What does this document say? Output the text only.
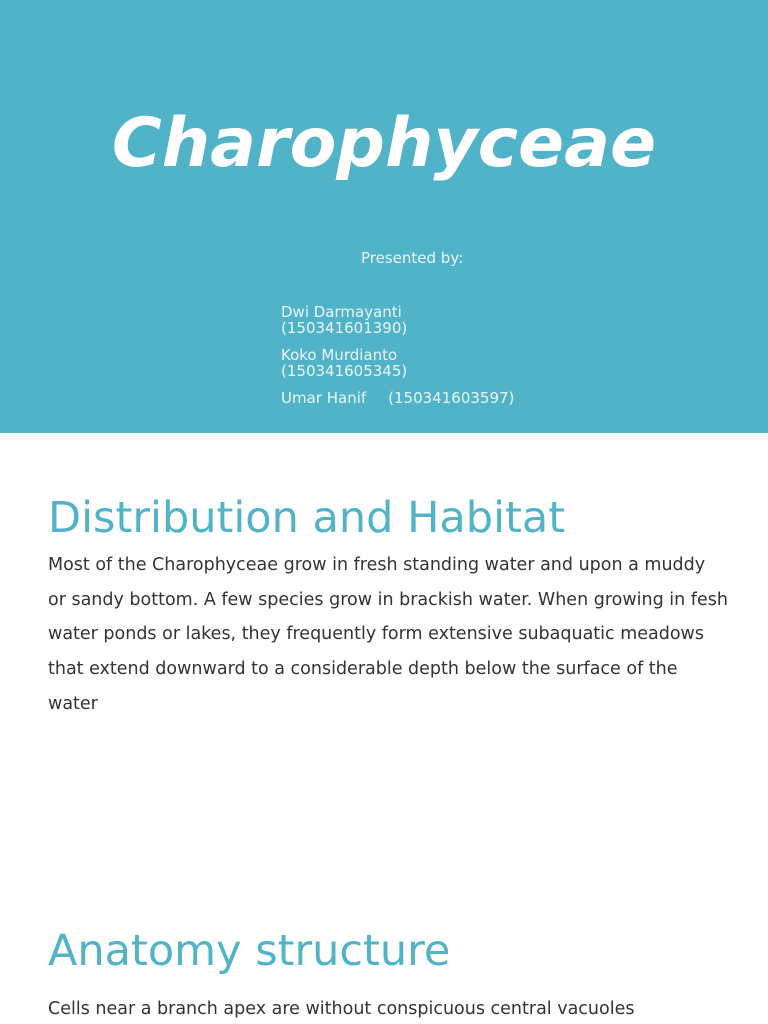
Charophyceae
Presented by:
Dwi Darmayanti
(150341601390)
Koko Murdianto
(150341605345)
Umar Hanif (150341603597)
Distribution and Habitat

Most of the Charophyceae grow in fresh standing water and upon a muddy or sandy bottom. A few species grow in brackish water. When growing in fesh water ponds or lakes, they frequently form extensive subaquatic meadows that extend downward to a considerable depth below the surface of the water

Anatomy structure

Cells near a branch apex are without conspicuous central vacuoles
